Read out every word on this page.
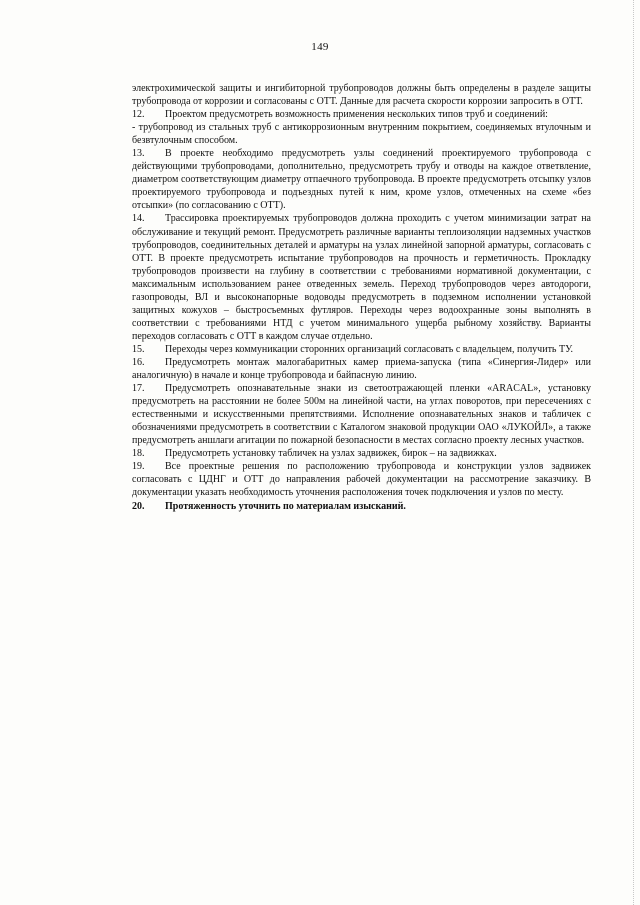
149

электрохимической защиты и ингибиторной трубопроводов должны быть определены в разделе защиты трубопровода от коррозии и согласованы с ОТТ. Данные для расчета скорости коррозии запросить в ОТТ.

12. Проектом предусмотреть возможность применения нескольких типов труб и соединений:

- трубопровод из стальных труб с антикоррозионным внутренним покрытием, соединяемых втулочным и безвтулочным способом.

13. В проекте необходимо предусмотреть узлы соединений проектируемого трубопровода с действующими трубопроводами, дополнительно, предусмотреть трубу и отводы на каждое ответвление, диаметром соответствующим диаметру отпаечного трубопровода. В проекте предусмотреть отсыпку узлов проектируемого трубопровода и подъездных путей к ним, кроме узлов, отмеченных на схеме «без отсыпки» (по согласованию с ОТТ).

14. Трассировка проектируемых трубопроводов должна проходить с учетом минимизации затрат на обслуживание и текущий ремонт. Предусмотреть различные варианты теплоизоляции надземных участков трубопроводов, соединительных деталей и арматуры на узлах линейной запорной арматуры, согласовать с ОТТ. В проекте предусмотреть испытание трубопроводов на прочность и герметичность. Прокладку трубопроводов произвести на глубину в соответствии с требованиями нормативной документации, с максимальным использованием ранее отведенных земель. Переход трубопроводов через автодороги, газопроводы, ВЛ и высоконапорные водоводы предусмотреть в подземном исполнении установкой защитных кожухов – быстросъемных футляров. Переходы через водоохранные зоны выполнять в соответствии с требованиями НТД с учетом минимального ущерба рыбному хозяйству. Варианты переходов согласовать с ОТТ в каждом случае отдельно.

15. Переходы через коммуникации сторонних организаций согласовать с владельцем, получить ТУ.

16. Предусмотреть монтаж малогабаритных камер приема-запуска (типа «Синергия-Лидер» или аналогичную) в начале и конце трубопровода и байпасную линию.

17. Предусмотреть опознавательные знаки из светоотражающей пленки «ARACAL», установку предусмотреть на расстоянии не более 500м на линейной части, на углах поворотов, при пересечениях с естественными и искусственными препятствиями. Исполнение опознавательных знаков и табличек с обозначениями предусмотреть в соответствии с Каталогом знаковой продукции ОАО «ЛУКОЙЛ», а также предусмотреть аншлаги агитации по пожарной безопасности в местах согласно проекту лесных участков.

18. Предусмотреть установку табличек на узлах задвижек, бирок – на задвижках.

19. Все проектные решения по расположению трубопровода и конструкции узлов задвижек согласовать с ЦДНГ и ОТТ до направления рабочей документации на рассмотрение заказчику. В документации указать необходимость уточнения расположения точек подключения и узлов по месту.

20. Протяженность уточнить по материалам изысканий.
